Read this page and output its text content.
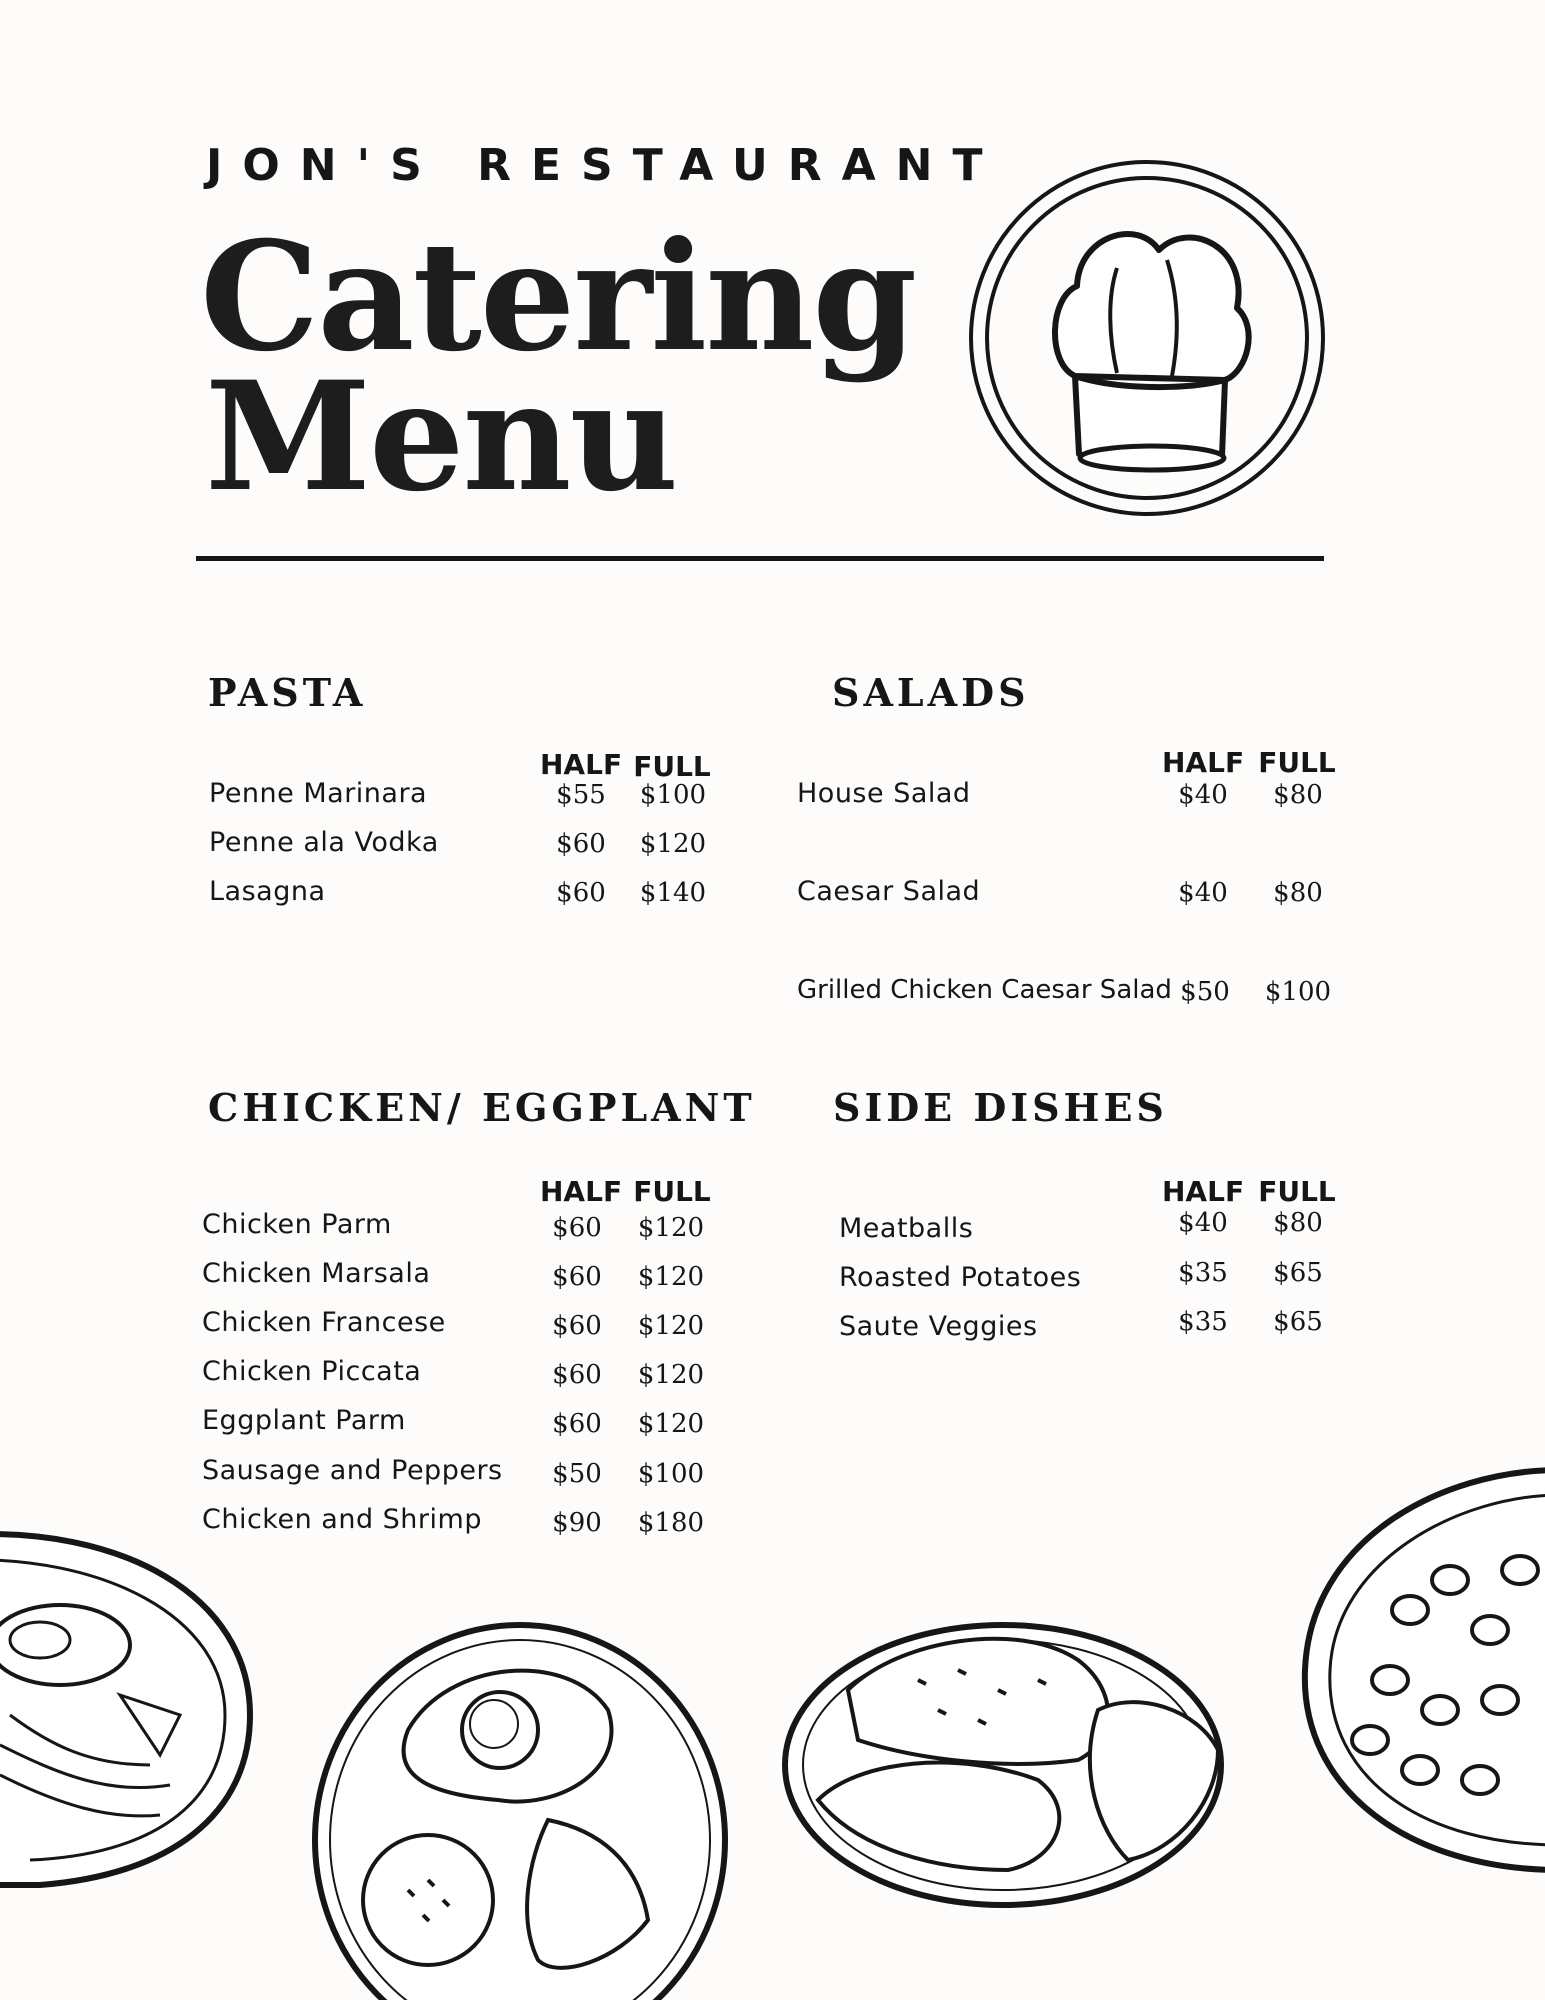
JON'S RESTAURANT
Catering
Menu
PASTA
HALF FULL
Penne Marinara	$55	$100
Penne ala Vodka	$60	$120
Lasagna	$60	$140
SALADS
HALF FULL
House Salad	$40	$80
Caesar Salad	$40	$80
Grilled Chicken Caesar Salad $50	$100
CHICKEN/ EGGPLANT
HALF FULL
Chicken Parm	$60	$120
Chicken Marsala	$60	$120
Chicken Francese	$60	$120
Chicken Piccata	$60	$120
Eggplant Parm	$60	$120
Sausage and Peppers	$50	$100
Chicken and Shrimp	$90	$180
SIDE DISHES
HALF FULL
Meatballs	$40	$80
Roasted Potatoes	$35	$65
Saute Veggies	$35	$65
